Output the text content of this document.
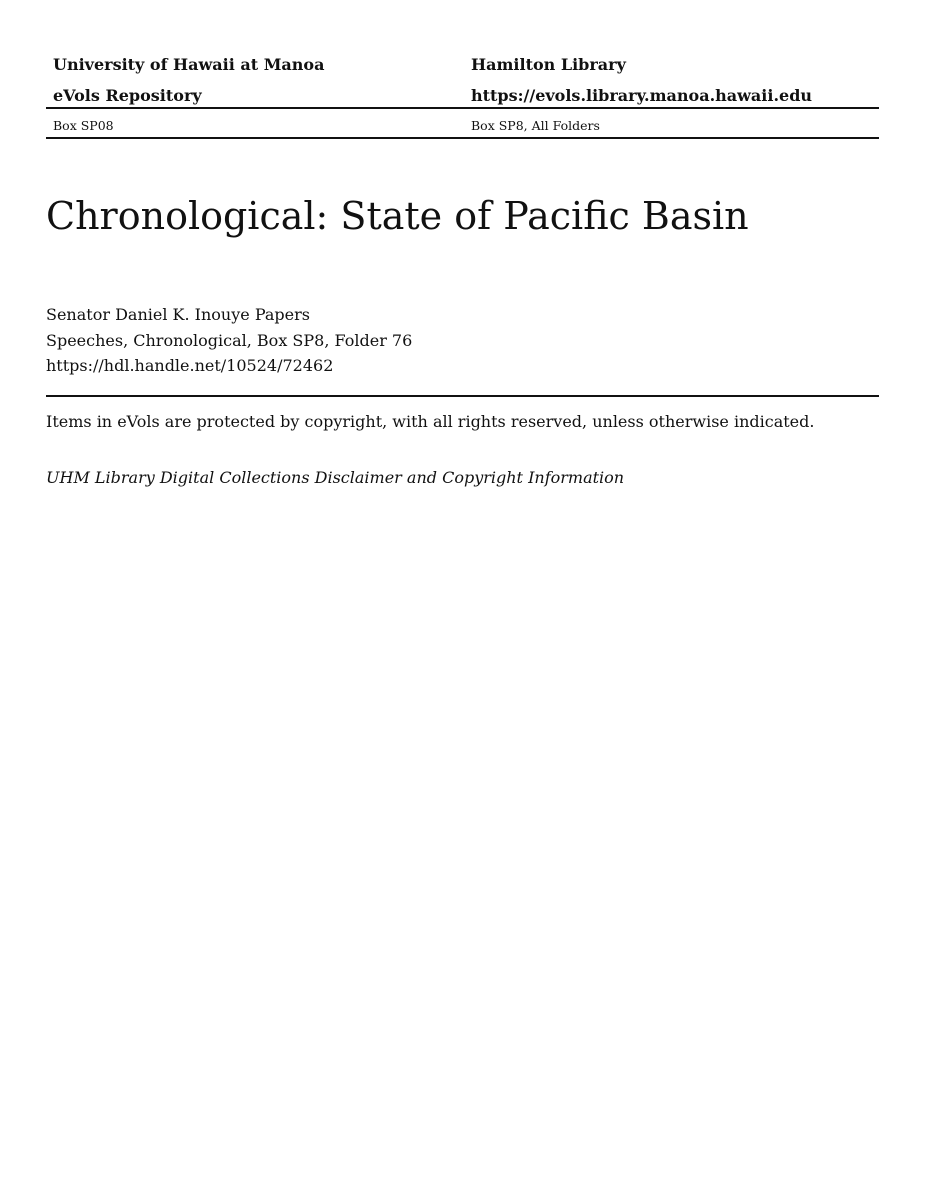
University of Hawaii at Manoa	Hamilton Library
eVols Repository	https://evols.library.manoa.hawaii.edu
Box SP08	Box SP8, All Folders
Chronological: State of Pacific Basin
Senator Daniel K. Inouye Papers
Speeches, Chronological, Box SP8, Folder 76
https://hdl.handle.net/10524/72462
Items in eVols are protected by copyright, with all rights reserved, unless otherwise indicated.
UHM Library Digital Collections Disclaimer and Copyright Information
